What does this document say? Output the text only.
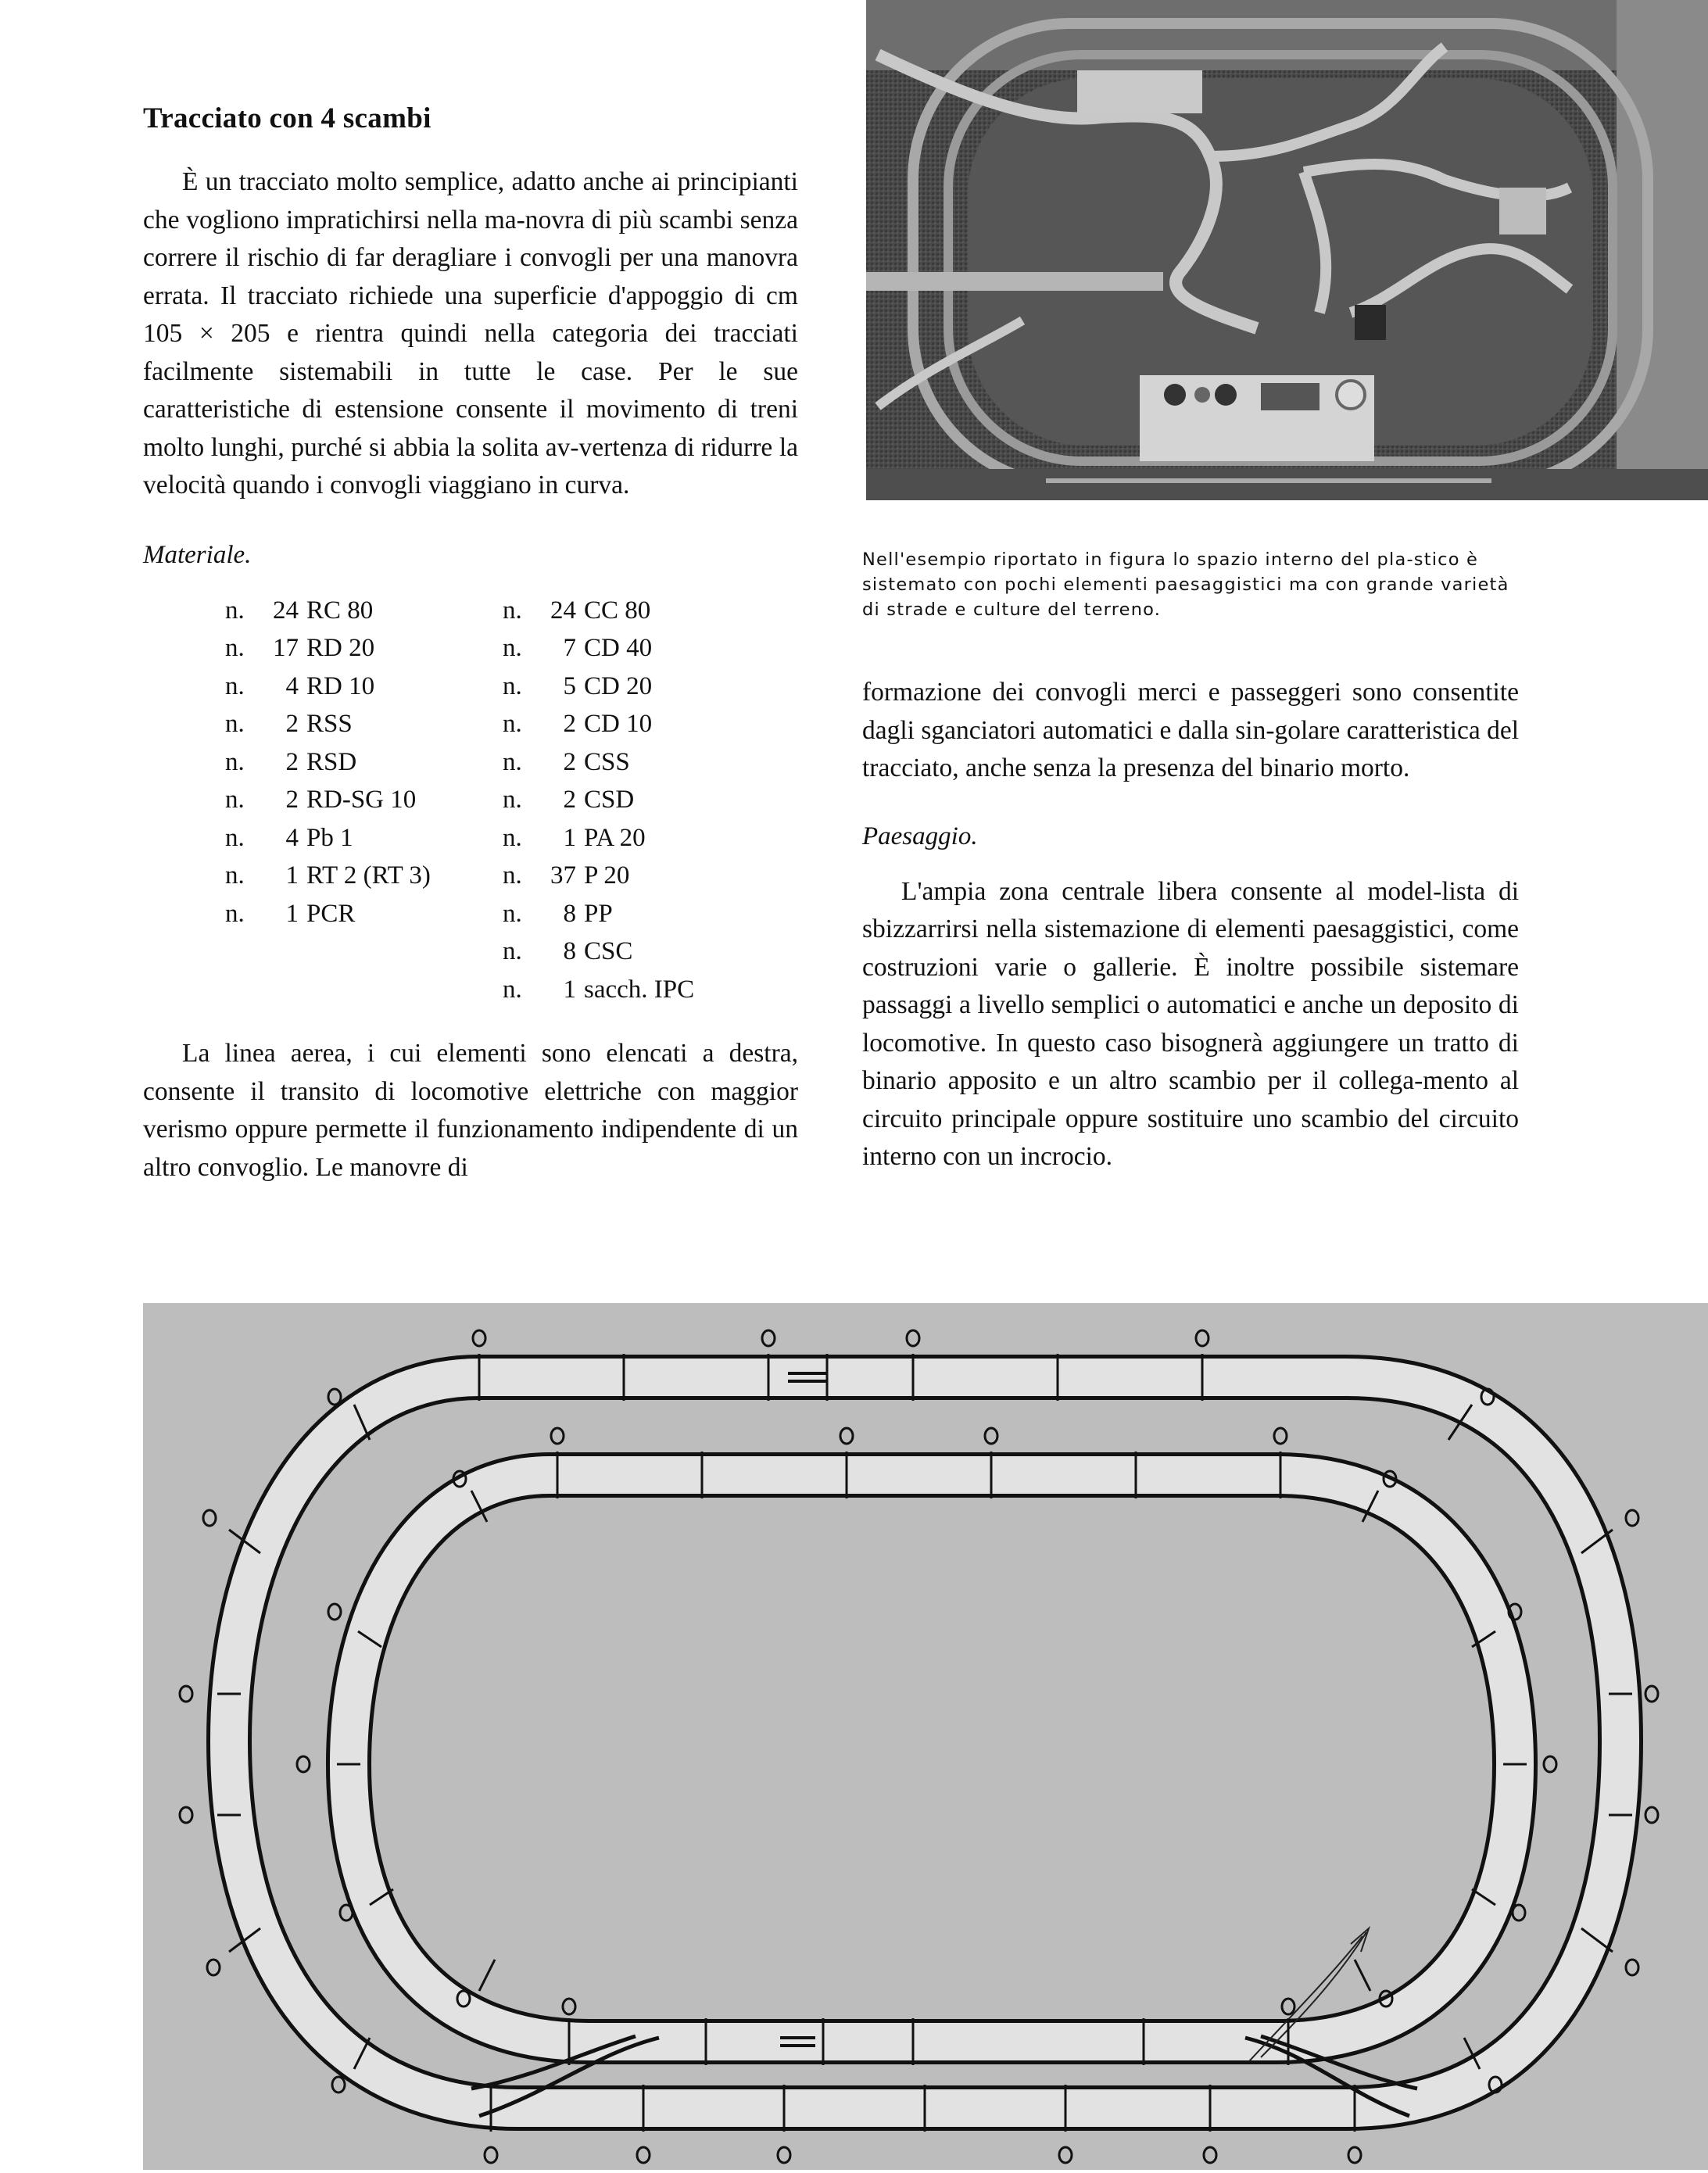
Tracciato con 4 scambi

È un tracciato molto semplice, adatto anche ai principianti che vogliono impratichirsi nella ma-novra di più scambi senza correre il rischio di far deragliare i convogli per una manovra errata. Il tracciato richiede una superficie d'appoggio di cm 105 × 205 e rientra quindi nella categoria dei tracciati facilmente sistemabili in tutte le case. Per le sue caratteristiche di estensione consente il movimento di treni molto lunghi, purché si abbia la solita av-vertenza di ridurre la velocità quando i convogli viaggiano in curva.

Materiale.
n. 24 RC 80
n. 17 RD 20
n. 4 RD 10
n. 2 RSS
n. 2 RSD
n. 2 RD-SG 10
n. 4 Pb 1
n. 1 RT 2 (RT 3)
n. 1 PCR
n. 24 CC 80
n. 7 CD 40
n. 5 CD 20
n. 2 CD 10
n. 2 CSS
n. 2 CSD
n. 1 PA 20
n. 37 P 20
n. 8 PP
n. 8 CSC
n. 1 sacch. IPC

La linea aerea, i cui elementi sono elencati a destra, consente il transito di locomotive elettriche con maggior verismo oppure permette il funzionamento indipendente di un altro convoglio. Le manovre di

Nell'esempio riportato in figura lo spazio interno del pla-stico è sistemato con pochi elementi paesaggistici ma con grande varietà di strade e culture del terreno.

formazione dei convogli merci e passeggeri sono consentite dagli sganciatori automatici e dalla sin-golare caratteristica del tracciato, anche senza la presenza del binario morto.

Paesaggio.

L'ampia zona centrale libera consente al model-lista di sbizzarrirsi nella sistemazione di elementi paesaggistici, come costruzioni varie o gallerie. È inoltre possibile sistemare passaggi a livello semplici o automatici e anche un deposito di locomotive. In questo caso bisognerà aggiungere un tratto di binario apposito e un altro scambio per il collega-mento al circuito principale oppure sostituire uno scambio del circuito interno con un incrocio.
